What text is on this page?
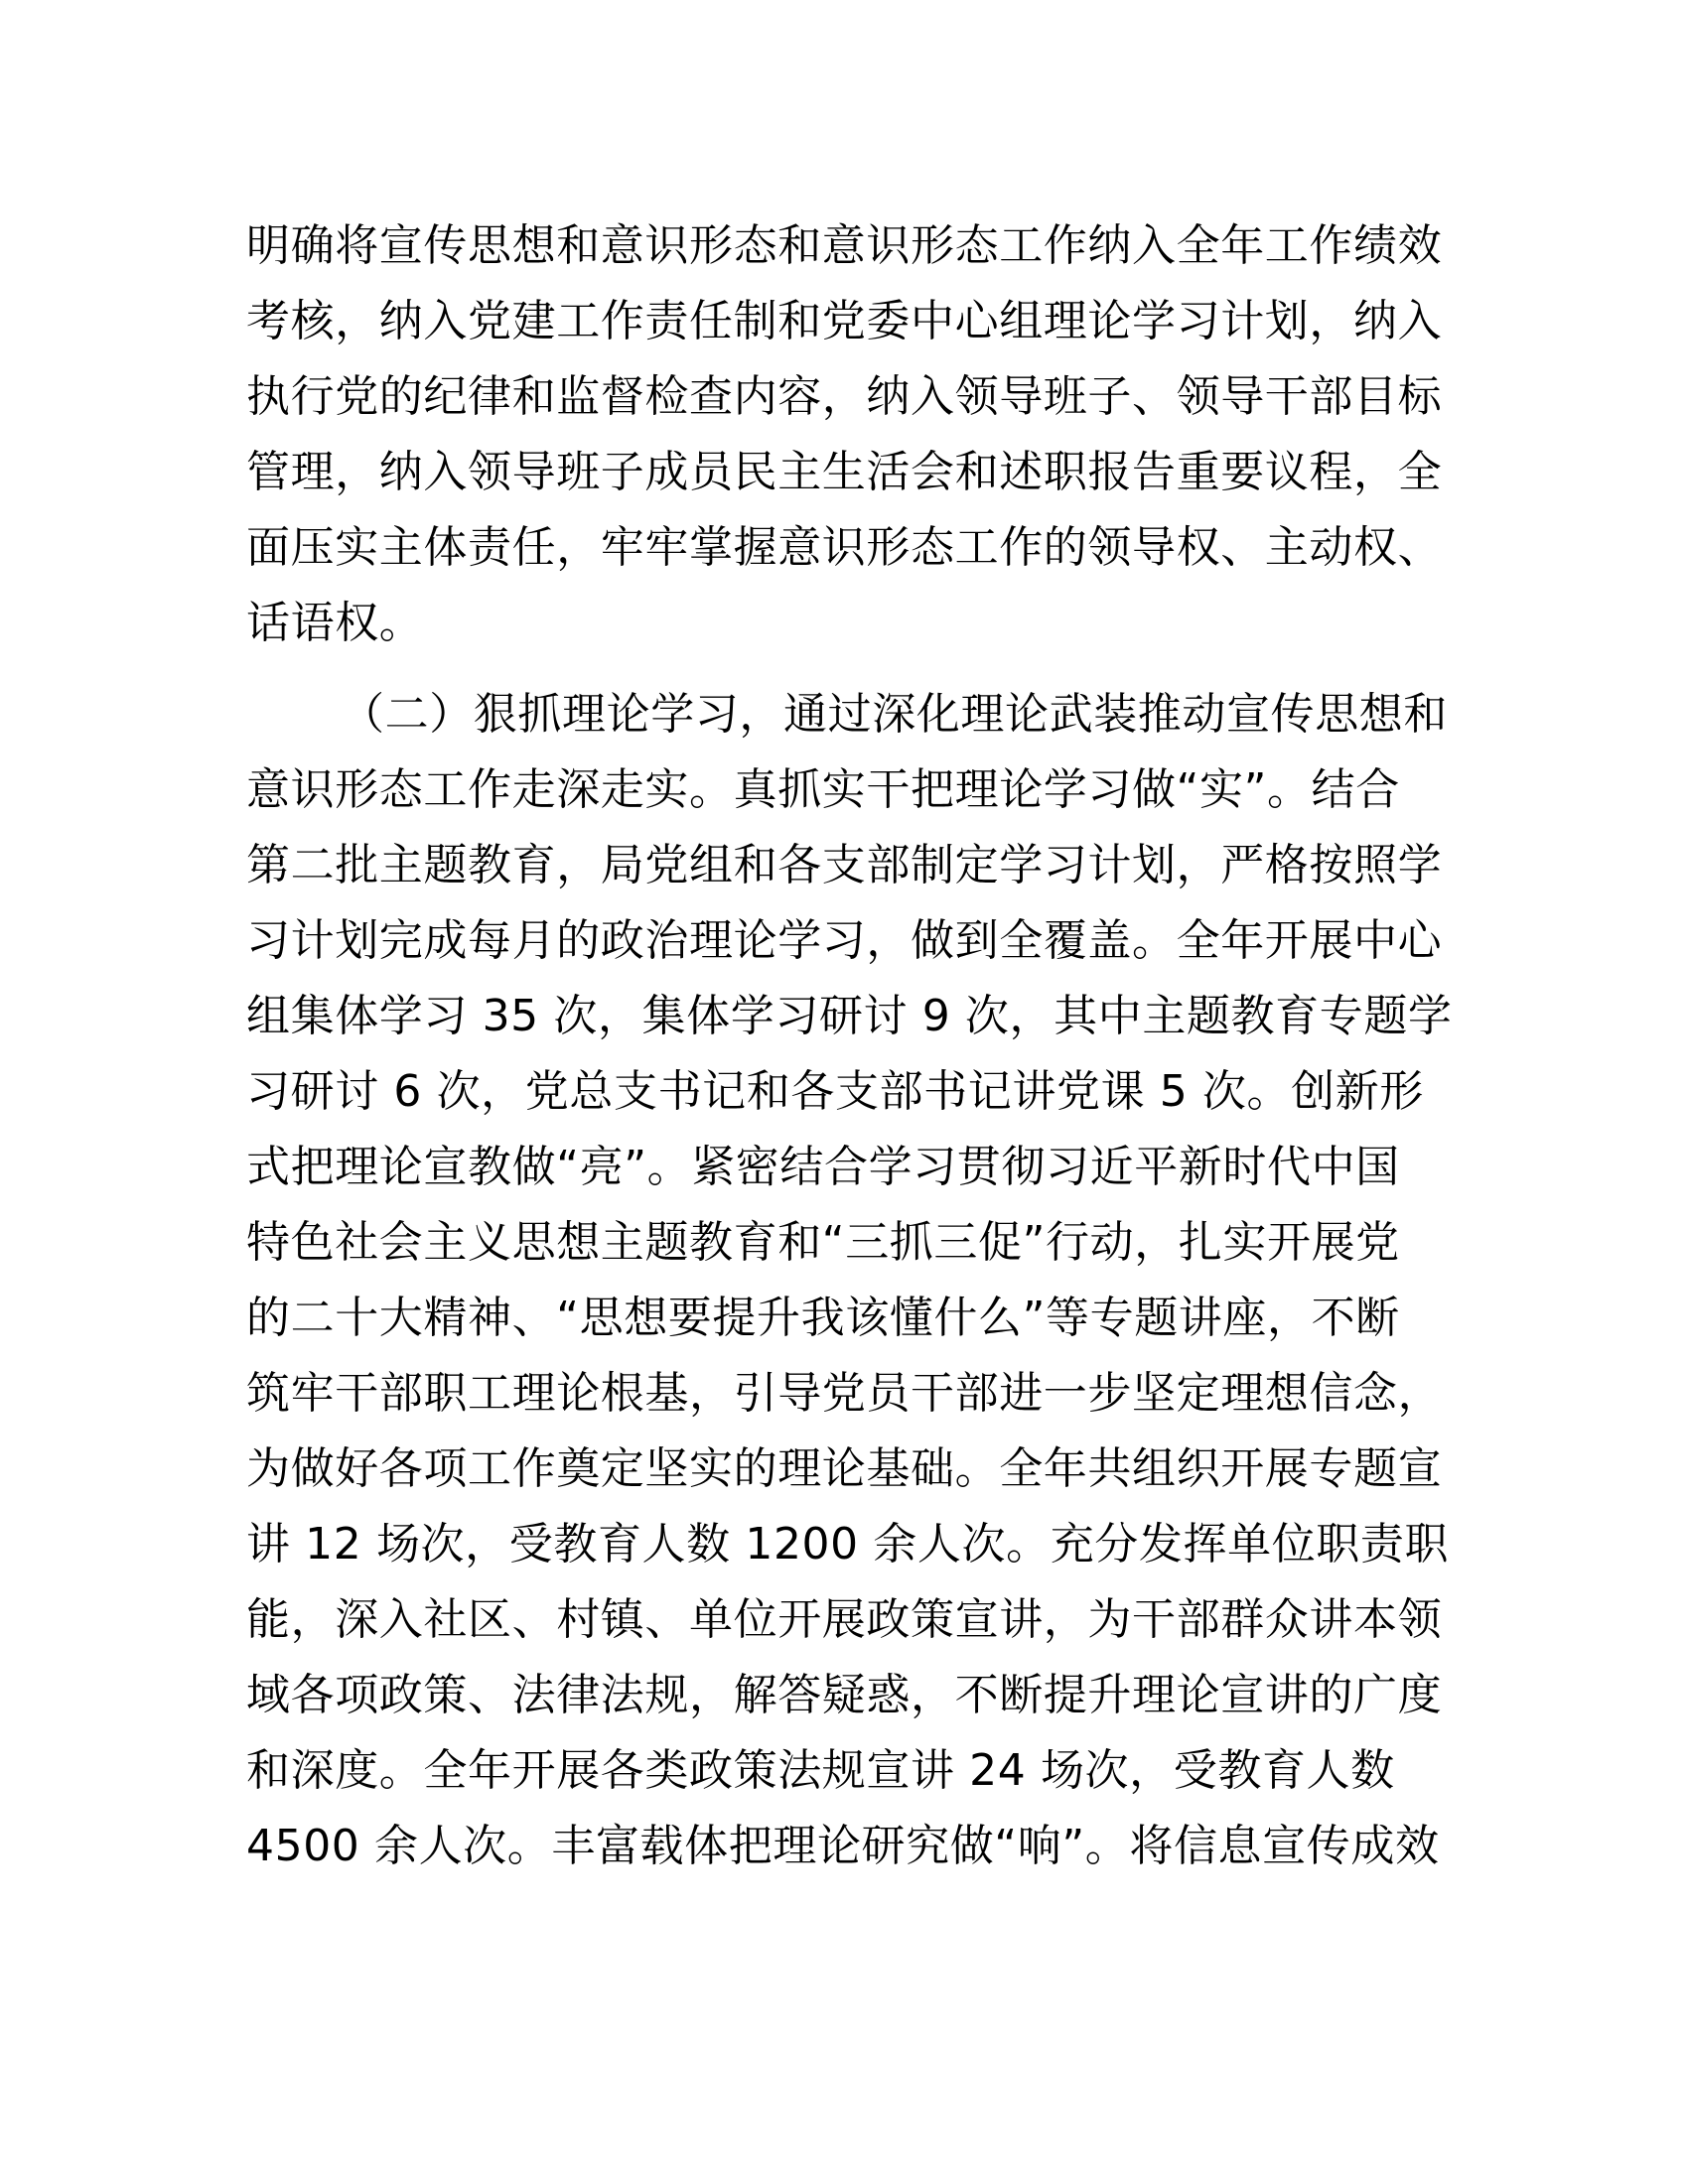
明确将宣传思想和意识形态和意识形态工作纳入全年工作绩效
考核，纳入党建工作责任制和党委中心组理论学习计划，纳入
执行党的纪律和监督检查内容，纳入领导班子、领导干部目标
管理，纳入领导班子成员民主生活会和述职报告重要议程，全
面压实主体责任，牢牢掌握意识形态工作的领导权、主动权、
话语权。
（二）狠抓理论学习，通过深化理论武装推动宣传思想和
意识形态工作走深走实。真抓实干把理论学习做“实”。结合
第二批主题教育，局党组和各支部制定学习计划，严格按照学
习计划完成每月的政治理论学习，做到全覆盖。全年开展中心
组集体学习 35 次，集体学习研讨 9 次，其中主题教育专题学
习研讨 6 次，党总支书记和各支部书记讲党课 5 次。创新形
式把理论宣教做“亮”。紧密结合学习贯彻习近平新时代中国
特色社会主义思想主题教育和“三抓三促”行动，扎实开展党
的二十大精神、“思想要提升我该懂什么”等专题讲座，不断
筑牢干部职工理论根基，引导党员干部进一步坚定理想信念，
为做好各项工作奠定坚实的理论基础。全年共组织开展专题宣
讲 12 场次，受教育人数 1200 余人次。充分发挥单位职责职
能，深入社区、村镇、单位开展政策宣讲，为干部群众讲本领
域各项政策、法律法规，解答疑惑，不断提升理论宣讲的广度
和深度。全年开展各类政策法规宣讲 24 场次，受教育人数
4500 余人次。丰富载体把理论研究做“响”。将信息宣传成效
